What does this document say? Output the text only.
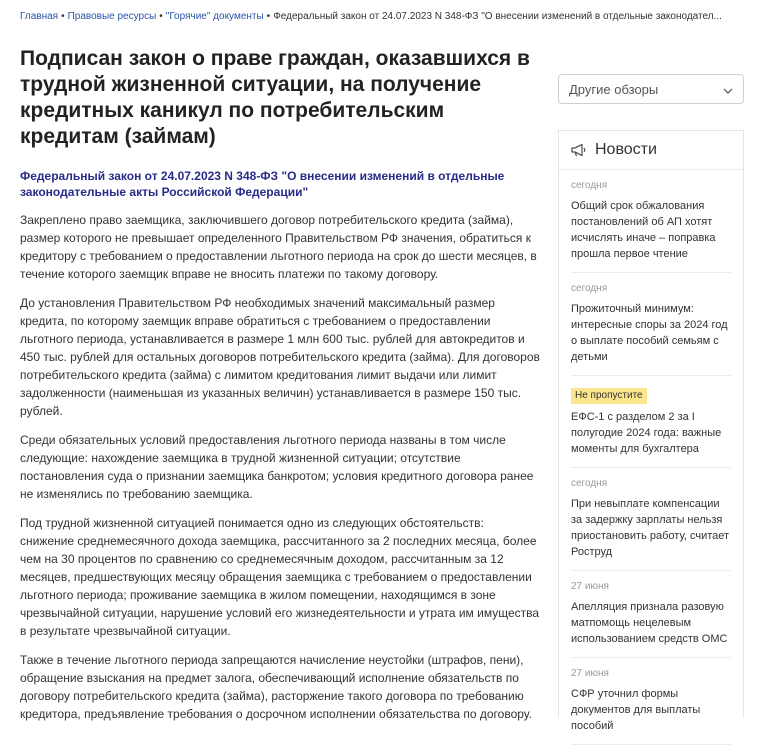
Главная • Правовые ресурсы • "Горячие" документы • Федеральный закон от 24.07.2023 N 348-ФЗ "О внесении изменений в отдельные законодател...
Подписан закон о праве граждан, оказавшихся в трудной жизненной ситуации, на получение кредитных каникул по потребительским кредитам (займам)
Другие обзоры
Федеральный закон от 24.07.2023 N 348-ФЗ "О внесении изменений в отдельные законодательные акты Российской Федерации"

Закреплено право заемщика, заключившего договор потребительского кредита (займа), размер которого не превышает определенного Правительством РФ значения, обратиться к кредитору с требованием о предоставлении льготного периода на срок до шести месяцев, в течение которого заемщик вправе не вносить платежи по такому договору.

До установления Правительством РФ необходимых значений максимальный размер кредита, по которому заемщик вправе обратиться с требованием о предоставлении льготного периода, устанавливается в размере 1 млн 600 тыс. рублей для автокредитов и 450 тыс. рублей для остальных договоров потребительского кредита (займа). Для договоров потребительского кредита (займа) с лимитом кредитования лимит выдачи или лимит задолженности (наименьшая из указанных величин) устанавливается в размере 150 тыс. рублей.

Среди обязательных условий предоставления льготного периода названы в том числе следующие: нахождение заемщика в трудной жизненной ситуации; отсутствие постановления суда о признании заемщика банкротом; условия кредитного договора ранее не изменялись по требованию заемщика.

Под трудной жизненной ситуацией понимается одно из следующих обстоятельств: снижение среднемесячного дохода заемщика, рассчитанного за 2 последних месяца, более чем на 30 процентов по сравнению со среднемесячным доходом, рассчитанным за 12 месяцев, предшествующих месяцу обращения заемщика с требованием о предоставлении льготного периода; проживание заемщика в жилом помещении, находящимся в зоне чрезвычайной ситуации, нарушение условий его жизнедеятельности и утрата им имущества в результате чрезвычайной ситуации.

Также в течение льготного периода запрещаются начисление неустойки (штрафов, пени), обращение взыскания на предмет залога, обеспечивающий исполнение обязательств по договору потребительского кредита (займа), расторжение такого договора по требованию кредитора, предъявление требования о досрочном исполнении обязательства по договору.

Новости
сегодня
Общий срок обжалования постановлений об АП хотят исчислять иначе – поправка прошла первое чтение
сегодня
Прожиточный минимум: интересные споры за 2024 год о выплате пособий семьям с детьми
Не пропустите
ЕФС-1 с разделом 2 за I полугодие 2024 года: важные моменты для бухгалтера
сегодня
При невыплате компенсации за задержку зарплаты нельзя приостановить работу, считает Роструд
27 июня
Апелляция признала разовую матпомощь нецелевым использованием средств ОМС
27 июня
СФР уточнил формы документов для выплаты пособий
